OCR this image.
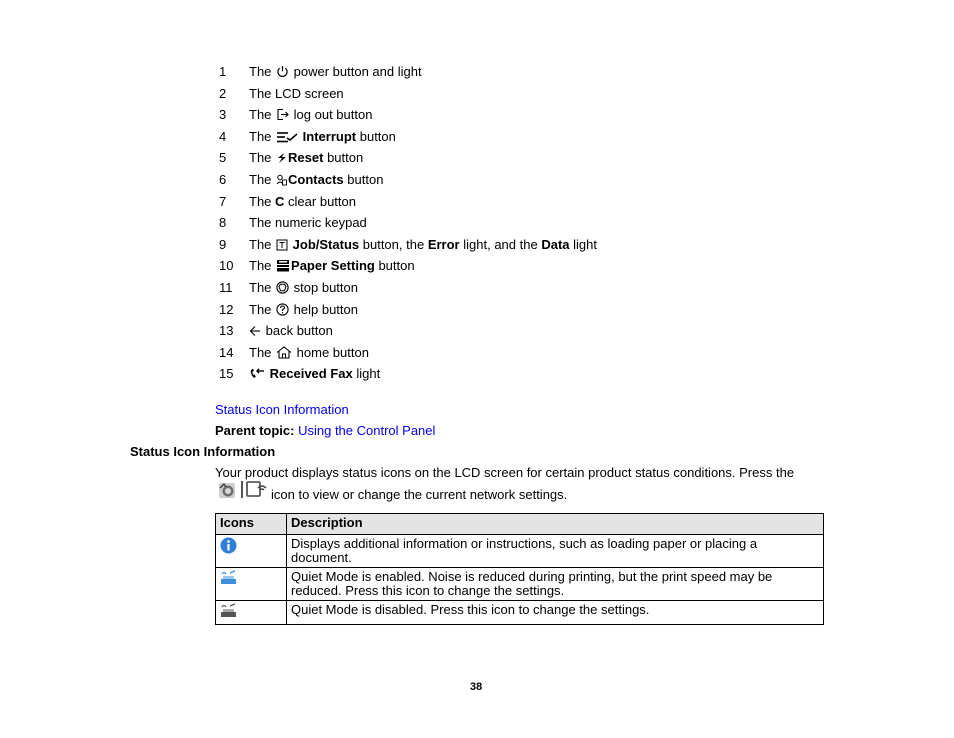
1	The power button and light
2	The LCD screen
3	The log out button
4	The Interrupt button
5	The Reset button
6	The Contacts button
7	The C clear button
8	The numeric keypad
9	The Job/Status button, the Error light, and the Data light
10	The Paper Setting button
11	The stop button
12	The help button
13	back button
14	The home button
15	Received Fax light
Status Icon Information
Parent topic: Using the Control Panel
Status Icon Information
Your product displays status icons on the LCD screen for certain product status conditions. Press the
icon to view or change the current network settings.
Icons	Description
	Displays additional information or instructions, such as loading paper or placing a document.
	Quiet Mode is enabled. Noise is reduced during printing, but the print speed may be reduced. Press this icon to change the settings.
	Quiet Mode is disabled. Press this icon to change the settings.
38
